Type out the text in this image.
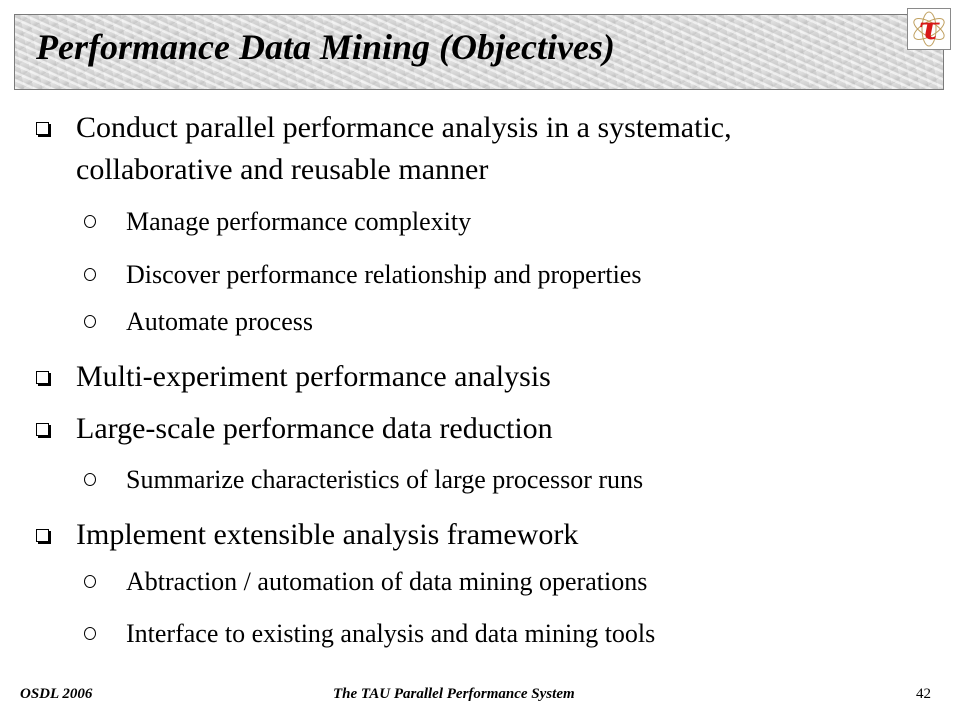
Performance Data Mining (Objectives)	τ
Conduct parallel performance analysis in a systematic,
collaborative and reusable manner
Manage performance complexity
Discover performance relationship and properties
Automate process
Multi-experiment performance analysis
Large-scale performance data reduction
Summarize characteristics of large processor runs
Implement extensible analysis framework
Abtraction / automation of data mining operations
Interface to existing analysis and data mining tools
OSDL 2006	The TAU Parallel Performance System	42
